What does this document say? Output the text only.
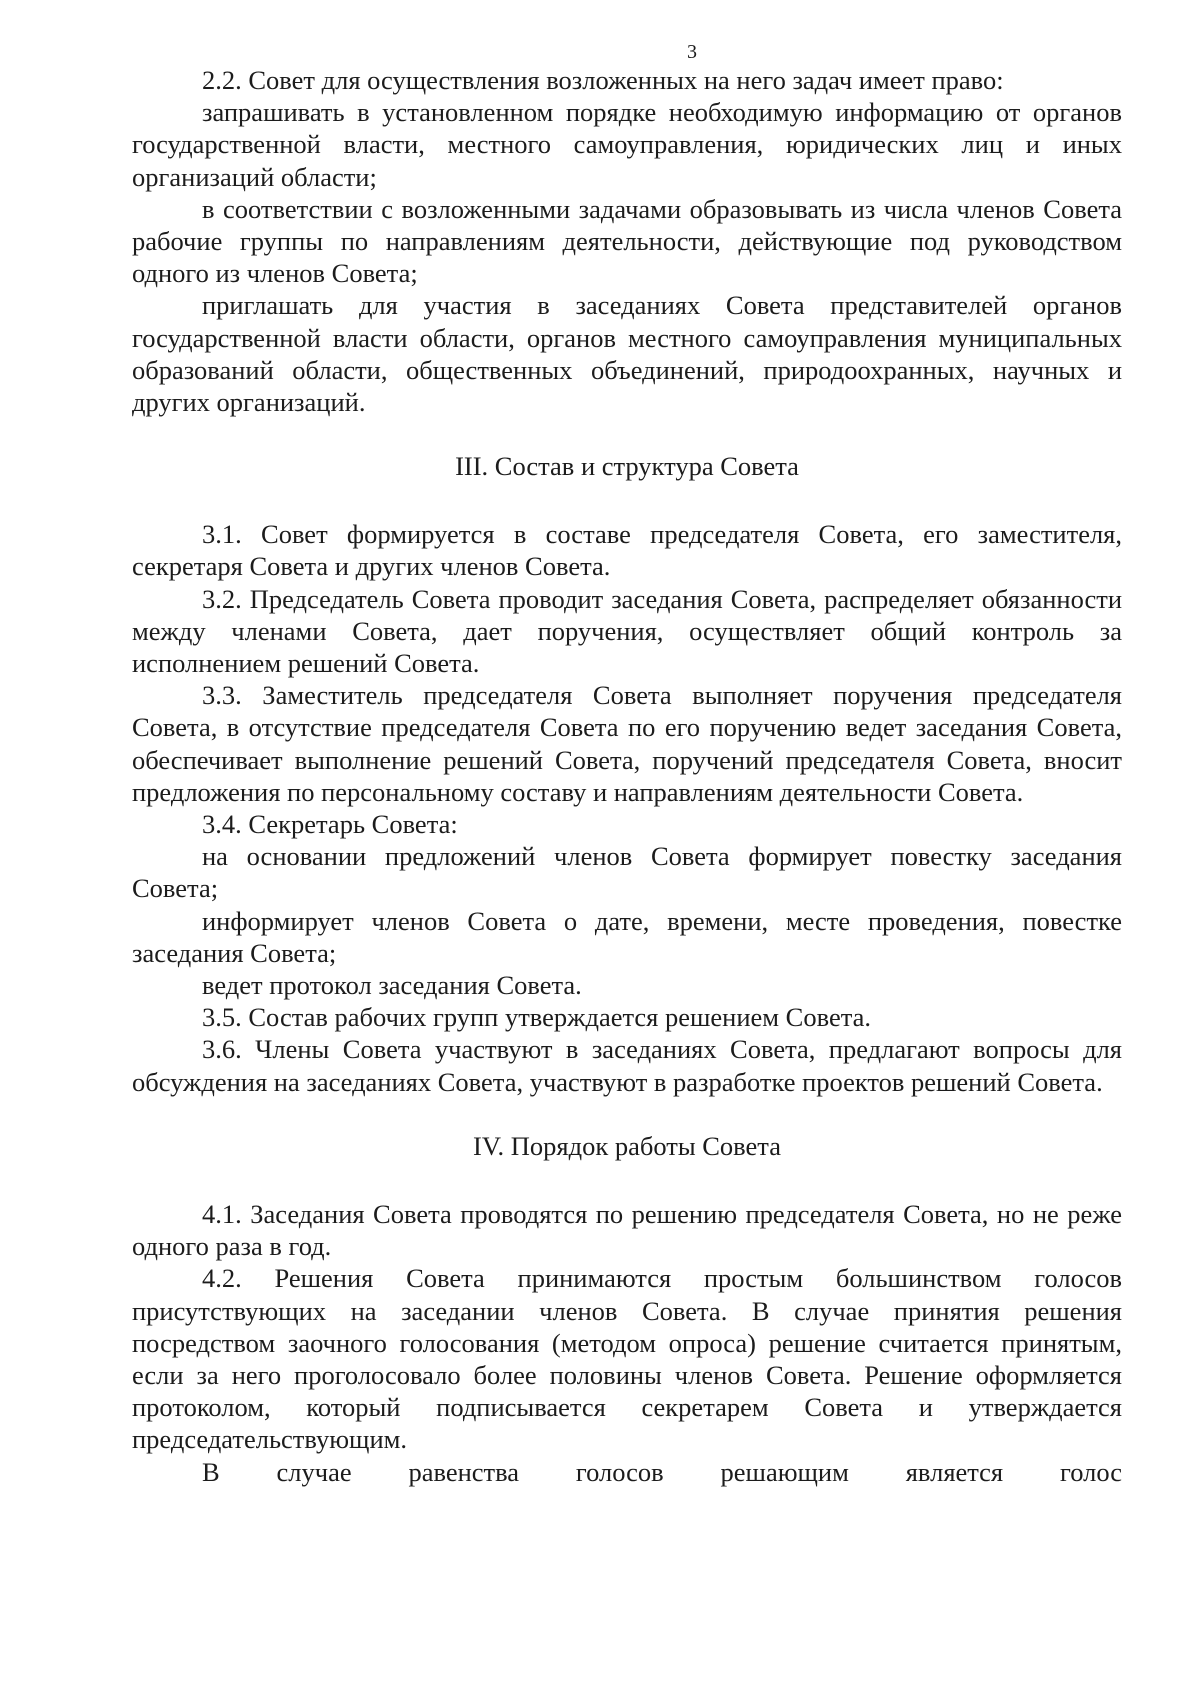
3

2.2. Совет для осуществления возложенных на него задач имеет право:

запрашивать в установленном порядке необходимую информацию от органов государственной власти, местного самоуправления, юридических лиц и иных организаций области;

в соответствии с возложенными задачами образовывать из числа членов Совета рабочие группы по направлениям деятельности, действующие под руководством одного из членов Совета;

приглашать для участия в заседаниях Совета представителей органов государственной власти области, органов местного самоуправления муниципальных образований области, общественных объединений, природоохранных, научных и других организаций.

III. Состав и структура Совета

3.1. Совет формируется в составе председателя Совета, его заместителя, секретаря Совета и других членов Совета.

3.2. Председатель Совета проводит заседания Совета, распределяет обязанности между членами Совета, дает поручения, осуществляет общий контроль за исполнением решений Совета.

3.3. Заместитель председателя Совета выполняет поручения председателя Совета, в отсутствие председателя Совета по его поручению ведет заседания Совета, обеспечивает выполнение решений Совета, поручений председателя Совета, вносит предложения по персональному составу и направлениям деятельности Совета.

3.4. Секретарь Совета:

на основании предложений членов Совета формирует повестку заседания Совета;

информирует членов Совета о дате, времени, месте проведения, повестке заседания Совета;

ведет протокол заседания Совета.

3.5. Состав рабочих групп утверждается решением Совета.

3.6. Члены Совета участвуют в заседаниях Совета, предлагают вопросы для обсуждения на заседаниях Совета, участвуют в разработке проектов решений Совета.

IV. Порядок работы Совета

4.1. Заседания Совета проводятся по решению председателя Совета, но не реже одного раза в год.

4.2. Решения Совета принимаются простым большинством голосов присутствующих на заседании членов Совета. В случае принятия решения посредством заочного голосования (методом опроса) решение считается принятым, если за него проголосовало более половины членов Совета. Решение оформляется протоколом, который подписывается секретарем Совета и утверждается председательствующим.

В случае равенства голосов решающим является голос
